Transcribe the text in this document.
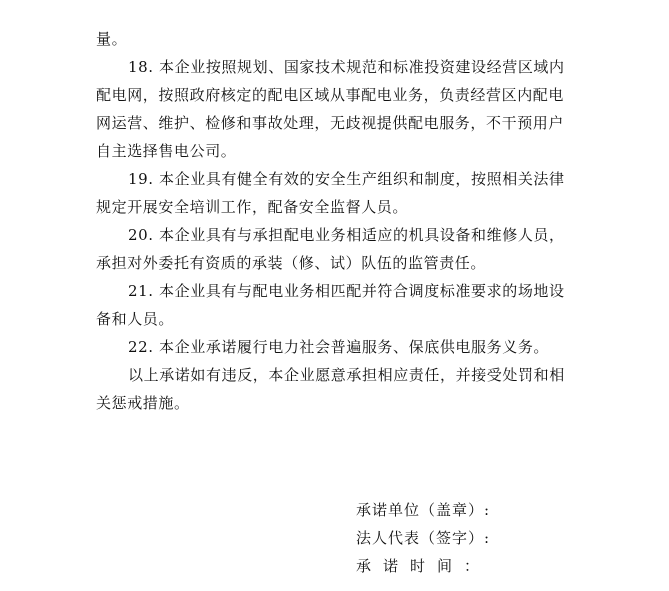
量。
18. 本企业按照规划、国家技术规范和标准投资建设经营区域内
配电网，按照政府核定的配电区域从事配电业务，负责经营区内配电
网运营、维护、检修和事故处理，无歧视提供配电服务，不干预用户
自主选择售电公司。
19. 本企业具有健全有效的安全生产组织和制度，按照相关法律
规定开展安全培训工作，配备安全监督人员。
20. 本企业具有与承担配电业务相适应的机具设备和维修人员，
承担对外委托有资质的承装（修、试）队伍的监管责任。
21. 本企业具有与配电业务相匹配并符合调度标准要求的场地设
备和人员。
22. 本企业承诺履行电力社会普遍服务、保底供电服务义务。
以上承诺如有违反，本企业愿意承担相应责任，并接受处罚和相
关惩戒措施。
承诺单位（盖章）:
法人代表（签字）:
承诺时间：
